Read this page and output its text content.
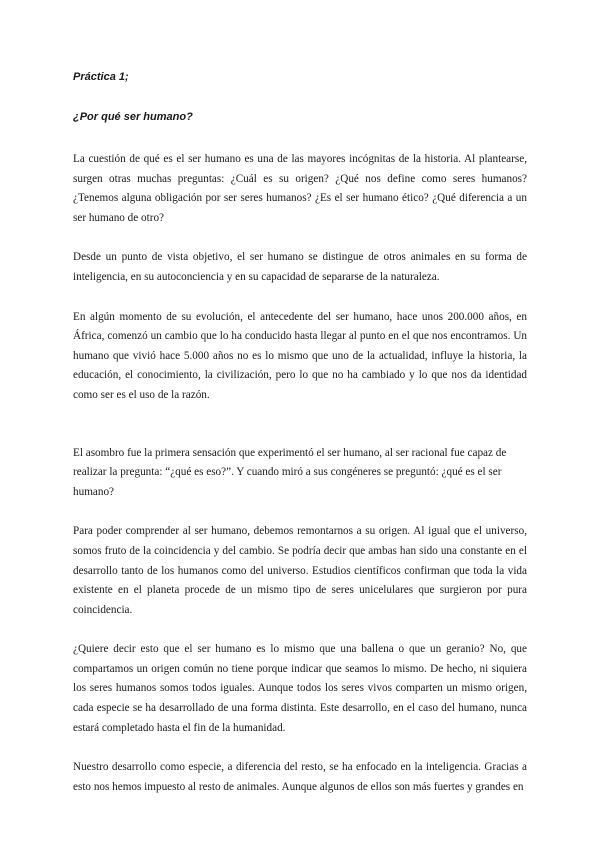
Práctica 1;
¿Por qué ser humano?

La cuestión de qué es el ser humano es una de las mayores incógnitas de la historia. Al plantearse, surgen otras muchas preguntas: ¿Cuál es su origen? ¿Qué nos define como seres humanos? ¿Tenemos alguna obligación por ser seres humanos? ¿Es el ser humano ético? ¿Qué diferencia a un ser humano de otro?

Desde un punto de vista objetivo, el ser humano se distingue de otros animales en su forma de inteligencia, en su autoconciencia y en su capacidad de separarse de la naturaleza.

En algún momento de su evolución, el antecedente del ser humano, hace unos 200.000 años, en África, comenzó un cambio que lo ha conducido hasta llegar al punto en el que nos encontramos. Un humano que vivió hace 5.000 años no es lo mismo que uno de la actualidad, influye la historia, la educación, el conocimiento, la civilización, pero lo que no ha cambiado y lo que nos da identidad como ser es el uso de la razón.

El asombro fue la primera sensación que experimentó el ser humano, al ser racional fue capaz de realizar la pregunta: “¿qué es eso?”. Y cuando miró a sus congéneres se preguntó: ¿qué es el ser humano?

Para poder comprender al ser humano, debemos remontarnos a su origen. Al igual que el universo, somos fruto de la coincidencia y del cambio. Se podría decir que ambas han sido una constante en el desarrollo tanto de los humanos como del universo. Estudios científicos confirman que toda la vida existente en el planeta procede de un mismo tipo de seres unicelulares que surgieron por pura coincidencia.

¿Quiere decir esto que el ser humano es lo mismo que una ballena o que un geranio? No, que compartamos un origen común no tiene porque indicar que seamos lo mismo. De hecho, ni siquiera los seres humanos somos todos iguales. Aunque todos los seres vivos comparten un mismo origen, cada especie se ha desarrollado de una forma distinta. Este desarrollo, en el caso del humano, nunca estará completado hasta el fin de la humanidad.

Nuestro desarrollo como especie, a diferencia del resto, se ha enfocado en la inteligencia. Gracias a esto nos hemos impuesto al resto de animales. Aunque algunos de ellos son más fuertes y grandes en
